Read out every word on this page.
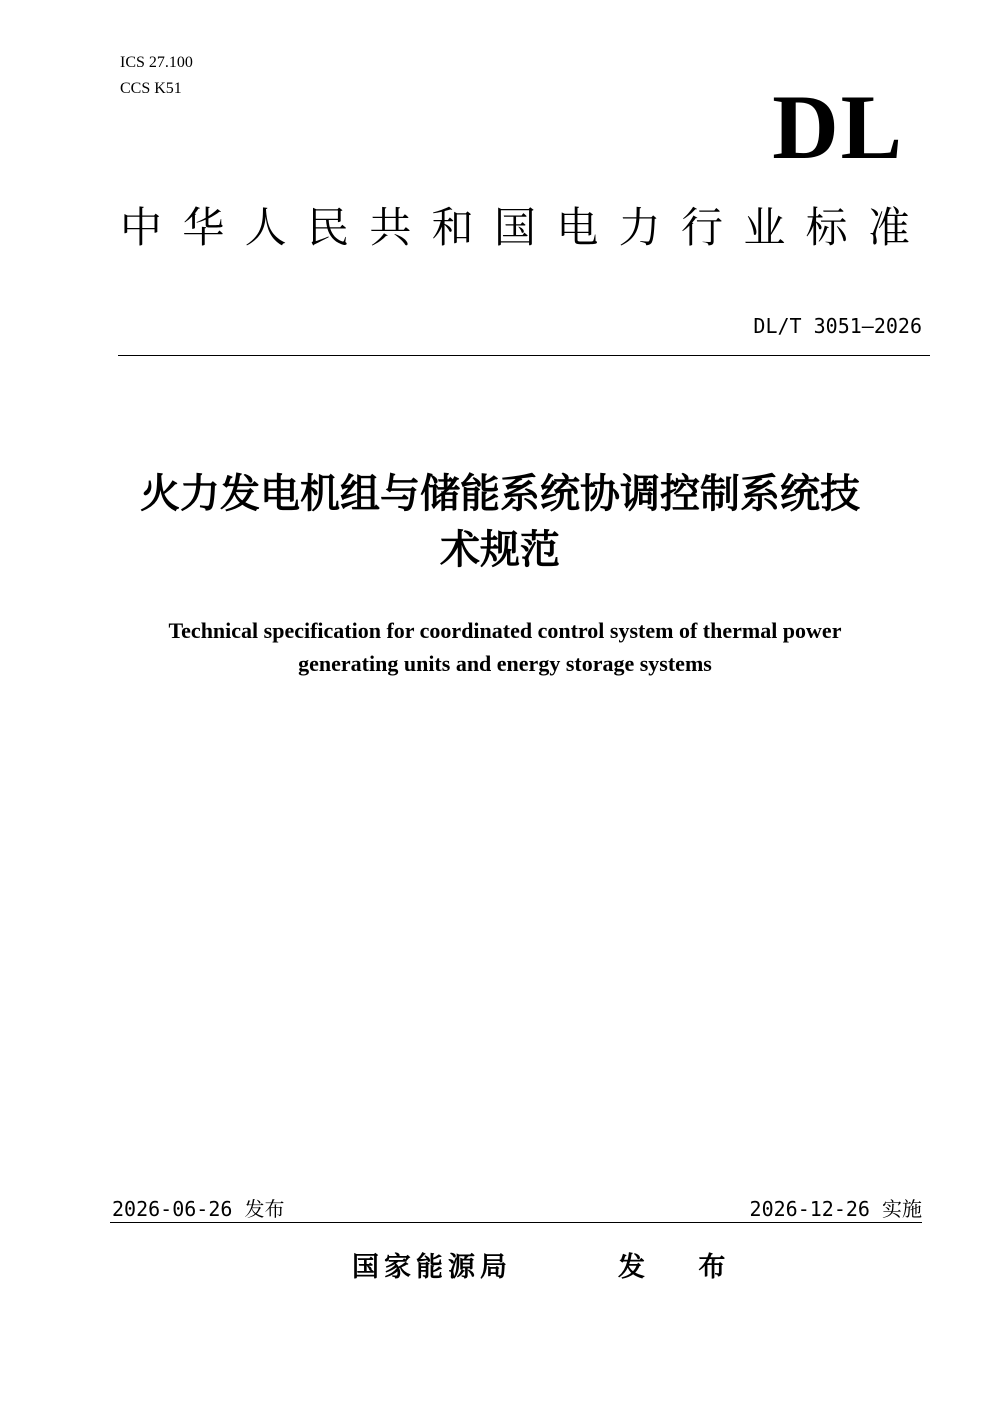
ICS 27.100
CCS K51	DL
中华人民共和国电力行业标准
DL/T 3051—2026
火力发电机组与储能系统协调控制系统技
术规范
Technical specification for coordinated control system of thermal power
generating units and energy storage systems
2026-06-26 发布	2026-12-26 实施
国家能源局	发 布
